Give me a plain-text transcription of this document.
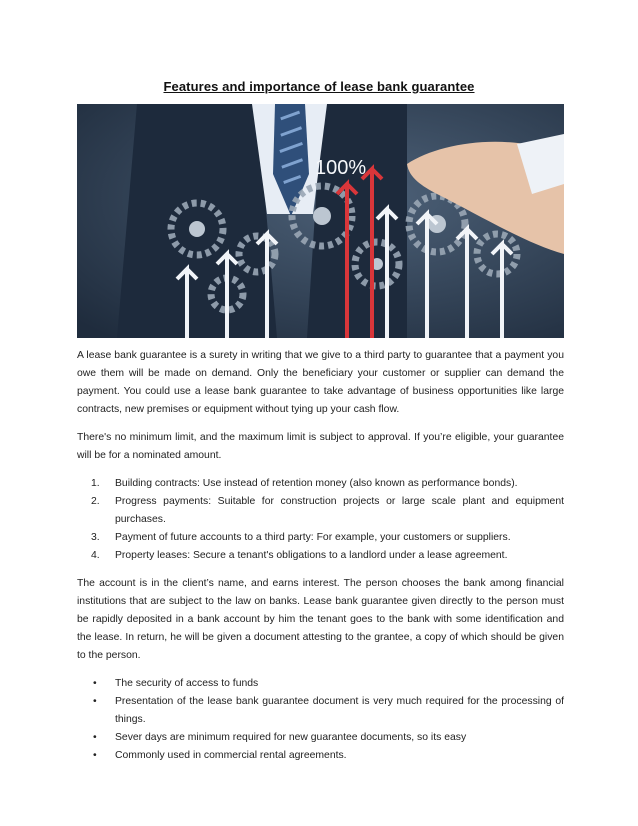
Features and importance of lease bank guarantee
100%

A lease bank guarantee is a surety in writing that we give to a third party to guarantee that a payment you owe them will be made on demand. Only the beneficiary your customer or supplier can demand the payment. You could use a lease bank guarantee to take advantage of business opportunities like large contracts, new premises or equipment without tying up your cash flow.

There's no minimum limit, and the maximum limit is subject to approval. If you’re eligible, your guarantee will be for a nominated amount.

1. Building contracts: Use instead of retention money (also known as performance bonds).
2. Progress payments: Suitable for construction projects or large scale plant and equipment purchases.
3. Payment of future accounts to a third party: For example, your customers or suppliers.
4. Property leases: Secure a tenant's obligations to a landlord under a lease agreement.

The account is in the client’s name, and earns interest. The person chooses the bank among financial institutions that are subject to the law on banks. Lease bank guarantee given directly to the person must be rapidly deposited in a bank account by him the tenant goes to the bank with some identification and the lease. In return, he will be given a document attesting to the grantee, a copy of which should be given to the person.

• The security of access to funds
• Presentation of the lease bank guarantee document is very much required for the processing of things.
• Sever days are minimum required for new guarantee documents, so its easy
• Commonly used in commercial rental agreements.
